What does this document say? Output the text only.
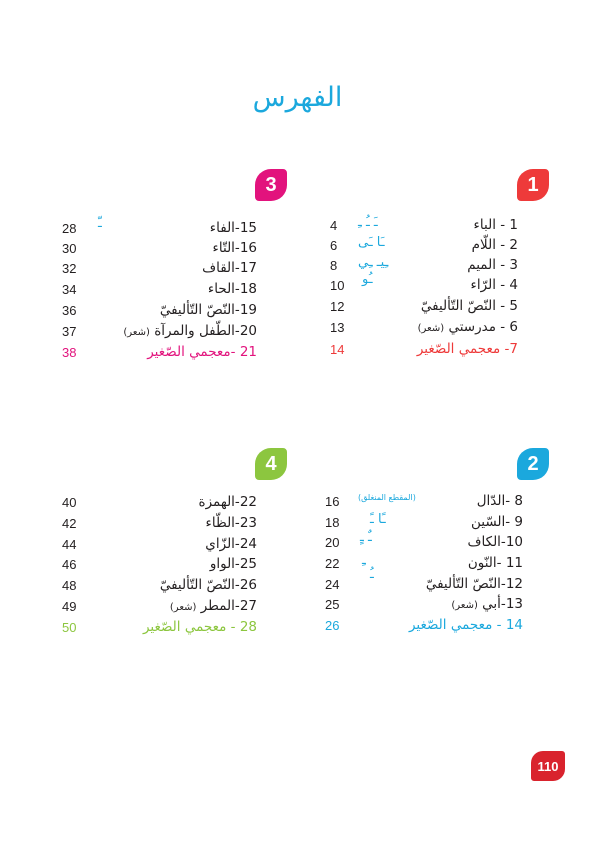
الفهرس
1
3
2
4
4	1 - الباء
6	2 - اللّام
8	3 - الميم
10	4 - الرّاء
12	5 - النّصّ التّأليفيّ
13	6 - مدرستي (شعر)
14	7- معجمي الصّغير
ـَ ـُ ـِ
ـَا ـَى
ـِيـ ـِي
ـُو
28	15-الفاء
30	16-التّاء
32	17-القاف
34	18-الحاء
36	19-النّصّ التّأليفيّ
37	20-الطّفل والمرآة (شعر)
38	21 -معجمي الصّغير
ـّ
16	8 -الدّال
(المقطع المنغلق)
18	9 -السّين
20	10-الكاف
22	11 -النّون
24	12-النّصّ التّأليفيّ
25	13-أبي (شعر)
26	14 - معجمي الصّغير
ـًا ـً
ـٌ ـٍ
ـِ
ـُ
40	22-الهمزة
42	23-الظّاء
44	24-الزّاي
46	25-الواو
48	26-النّصّ التّأليفيّ
49	27-المطر (شعر)
50	28 - معجمي الصّغير
110
